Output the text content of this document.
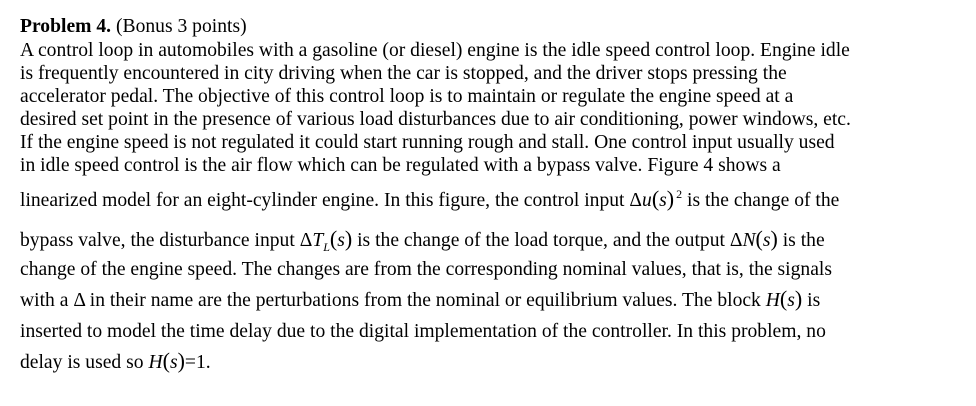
Problem 4. (Bonus 3 points)
A control loop in automobiles with a gasoline (or diesel) engine is the idle speed control loop. Engine idle
is frequently encountered in city driving when the car is stopped, and the driver stops pressing the
accelerator pedal. The objective of this control loop is to maintain or regulate the engine speed at a
desired set point in the presence of various load disturbances due to air conditioning, power windows, etc.
If the engine speed is not regulated it could start running rough and stall. One control input usually used
in idle speed control is the air flow which can be regulated with a bypass valve. Figure 4 shows a
linearized model for an eight-cylinder engine. In this figure, the control input Δu(s) $^2$ is the change of the
bypass valve, the disturbance input $\Delta T_L(s)$ is the change of the load torque, and the output ΔN(s) is the
change of the engine speed. The changes are from the corresponding nominal values, that is, the signals
with a Δ in their name are the perturbations from the nominal or equilibrium values. The block H(s) is
inserted to model the time delay due to the digital implementation of the controller. In this problem, no
delay is used so H(s)=1.
